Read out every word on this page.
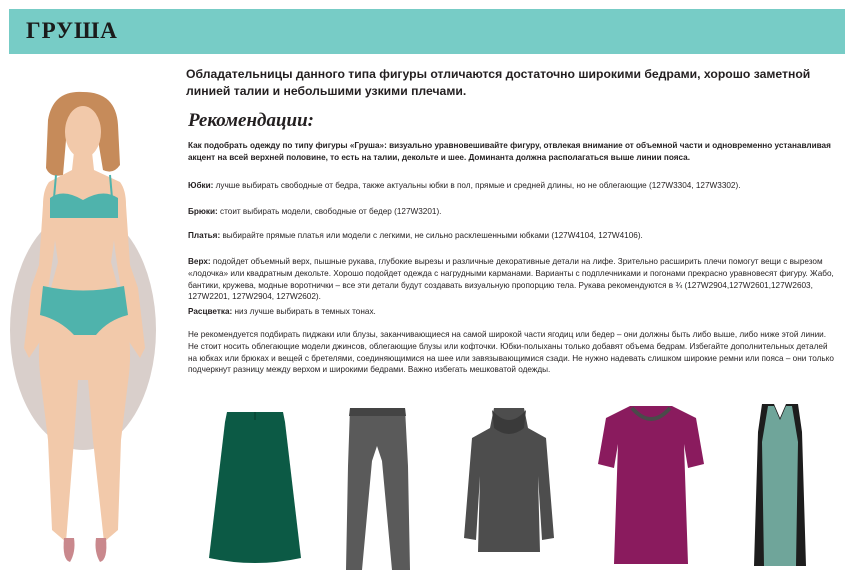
ГРУША
Обладательницы данного типа фигуры отличаются достаточно широкими бедрами, хорошо заметной линией талии и небольшими узкими плечами.
Рекомендации:
Как подобрать одежду по типу фигуры «Груша»: визуально уравновешивайте фигуру, отвлекая внимание от объемной части и одновременно устанавливая акцент на всей верхней половине, то есть на талии, декольте и шее. Доминанта должна располагаться выше линии пояса.
Юбки: лучше выбирать свободные от бедра, также актуальны юбки в пол, прямые и средней длины, но не облегающие (127W3304, 127W3302).
Брюки: стоит выбирать модели, свободные от бедер (127W3201).
Платья: выбирайте прямые платья или модели с легкими, не сильно расклешенными юбками (127W4104, 127W4106).
Верх: подойдет объемный верх, пышные рукава, глубокие вырезы и различные декоративные детали на лифе. Зрительно расширить плечи помогут вещи с вырезом «лодочка» или квадратным декольте. Хорошо подойдет одежда с нагрудными карманами. Варианты с подплечниками и погонами прекрасно уравновесят фигуру. Жабо, бантики, кружева, модные воротнички – все эти детали будут создавать визуальную пропорцию тела. Рукава рекомендуются в ¾ (127W2904,127W2601,127W2603, 127W2201, 127W2904, 127W2602).
Расцветка: низ лучше выбирать в темных тонах.
Не рекомендуется подбирать пиджаки или блузы, заканчивающиеся на самой широкой части ягодиц или бедер – они должны быть либо выше, либо ниже этой линии. Не стоит носить облегающие модели джинсов, облегающие блузы или кофточки. Юбки-полыханы только добавят объема бедрам. Избегайте дополнительных деталей на юбках или брюках и вещей с бретелями, соединяющимися на шее или завязывающимися сзади. Не нужно надевать слишком широкие ремни или пояса – они только подчеркнут разницу между верхом и широкими бедрами. Важно избегать мешковатой одежды.
